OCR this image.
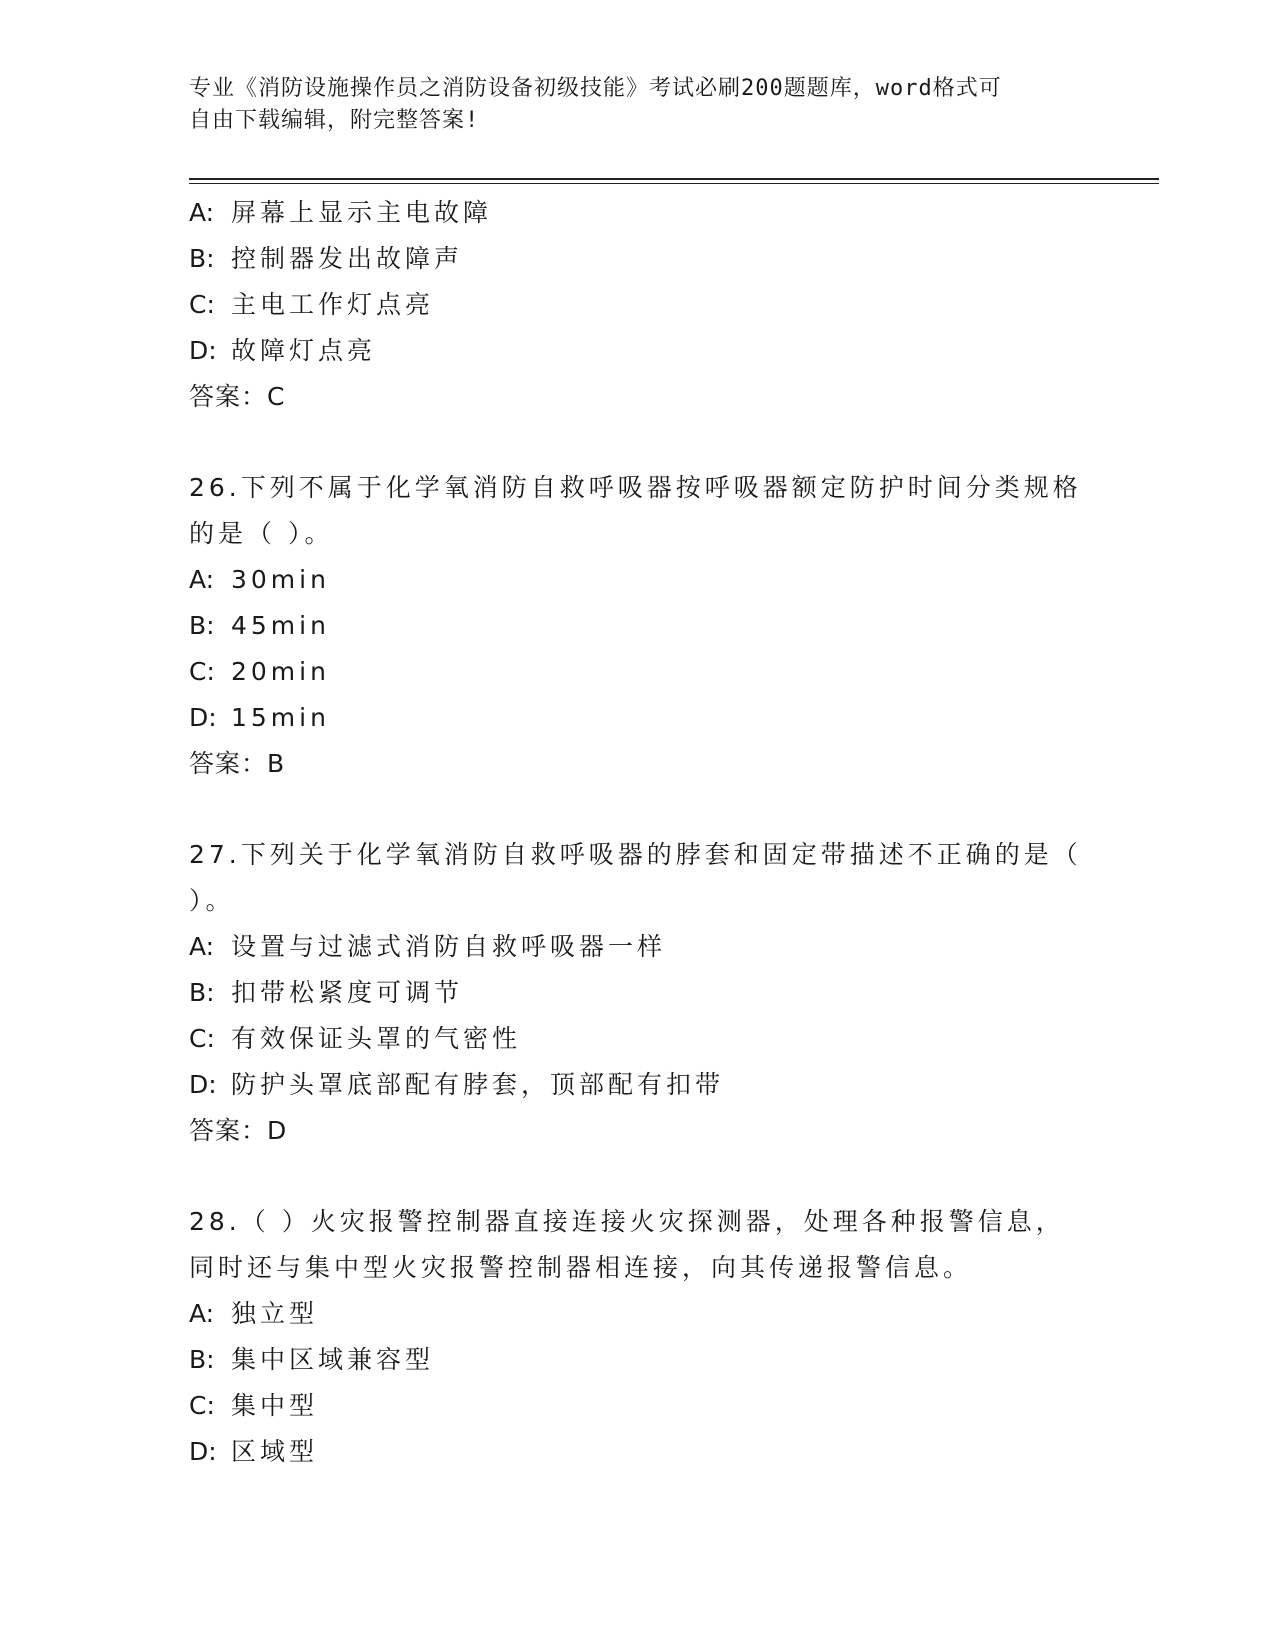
专业《消防设施操作员之消防设备初级技能》考试必刷200题题库，word格式可
自由下载编辑，附完整答案!
A: 屏幕上显示主电故障
B: 控制器发出故障声
C: 主电工作灯点亮
D: 故障灯点亮
答案：C
26.下列不属于化学氧消防自救呼吸器按呼吸器额定防护时间分类规格
的是（ ）。
A: 30min
B: 45min
C: 20min
D: 15min
答案：B
27.下列关于化学氧消防自救呼吸器的脖套和固定带描述不正确的是（
）。
A: 设置与过滤式消防自救呼吸器一样
B: 扣带松紧度可调节
C: 有效保证头罩的气密性
D: 防护头罩底部配有脖套，顶部配有扣带
答案：D
28.（ ）火灾报警控制器直接连接火灾探测器，处理各种报警信息，
同时还与集中型火灾报警控制器相连接，向其传递报警信息。
A: 独立型
B: 集中区域兼容型
C: 集中型
D: 区域型
